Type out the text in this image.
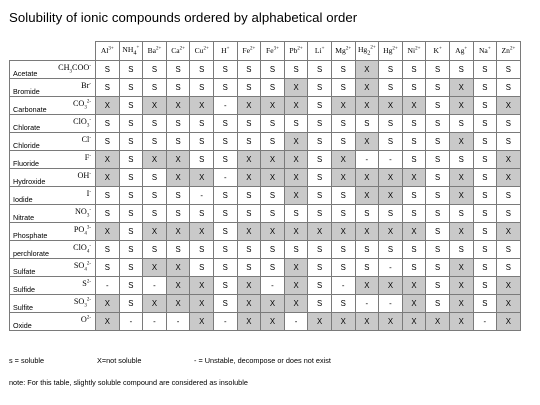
Solubility of ionic compounds ordered by alphabetical order
	$Al^{3+}$	$NH_4^+$	$Ba^{2+}$	$Ca^{2+}$	$Cu^{2+}$	H+	$Fe^{2+}$	$Fe^{3+}$	$Pb^{2+}$	Li+	$Mg^{2+}$	$Hg_2^{2+}$	$Hg^{2+}$	$Ni^{2+}$	K+	Ag+	Na+	$Zn^{2+}$

Acetate
$CH_3COO^-$	S	S	S	S	S	S	S	S	S	S	S	X	S	S	S	S	S	S

Bromide
Br-	S	S	S	S	S	S	S	S	X	S	S	X	S	S	S	X	S	S

Carbonate
$CO_3^{2-}$	X	S	X	X	X	-	X	X	X	S	X	X	X	X	S	X	S	X

Chlorate
ClO$_3$-	S	S	S	S	S	S	S	S	S	S	S	S	S	S	S	S	S	S

Chloride
Cl-	S	S	S	S	S	S	S	S	X	S	S	X	S	S	S	X	S	S

Fluoride
F-	X	S	X	X	S	S	X	X	X	S	X	-	-	S	S	S	S	X

Hydroxide
OH-	X	S	S	X	X	-	X	X	X	S	X	X	X	X	S	X	S	X

Iodide
I-	S	S	S	S	-	S	S	S	X	S	S	X	X	S	S	X	S	S

Nitrate
$NO_3^-$	S	S	S	S	S	S	S	S	S	S	S	S	S	S	S	S	S	S

Phosphate
$PO_4^{3-}$	X	S	X	X	X	S	X	X	X	X	X	X	X	X	S	X	S	X

perchlorate
ClO$_4$-	S	S	S	S	S	S	S	S	S	S	S	S	S	S	S	S	S	S

Sulfate
$SO_4^{2-}$	S	S	X	X	S	S	S	S	X	S	S	S	-	S	S	X	S	S

Sulfide
$S^{2-}$	-	S	-	X	X	S	X	-	X	S	-	X	X	X	S	X	S	X

Sulfite
$SO_3^{2-}$	X	S	X	X	X	S	X	X	X	S	S	-	-	X	S	X	S	X

Oxide
$O^{2-}$	X	-	-	-	X	-	X	X	-	X	X	X	X	X	X	X	-	X
s = soluble	X=not soluble	- = Unstable, decompose or does not exist
note: For this table, slightly soluble compound are considered as insoluble
